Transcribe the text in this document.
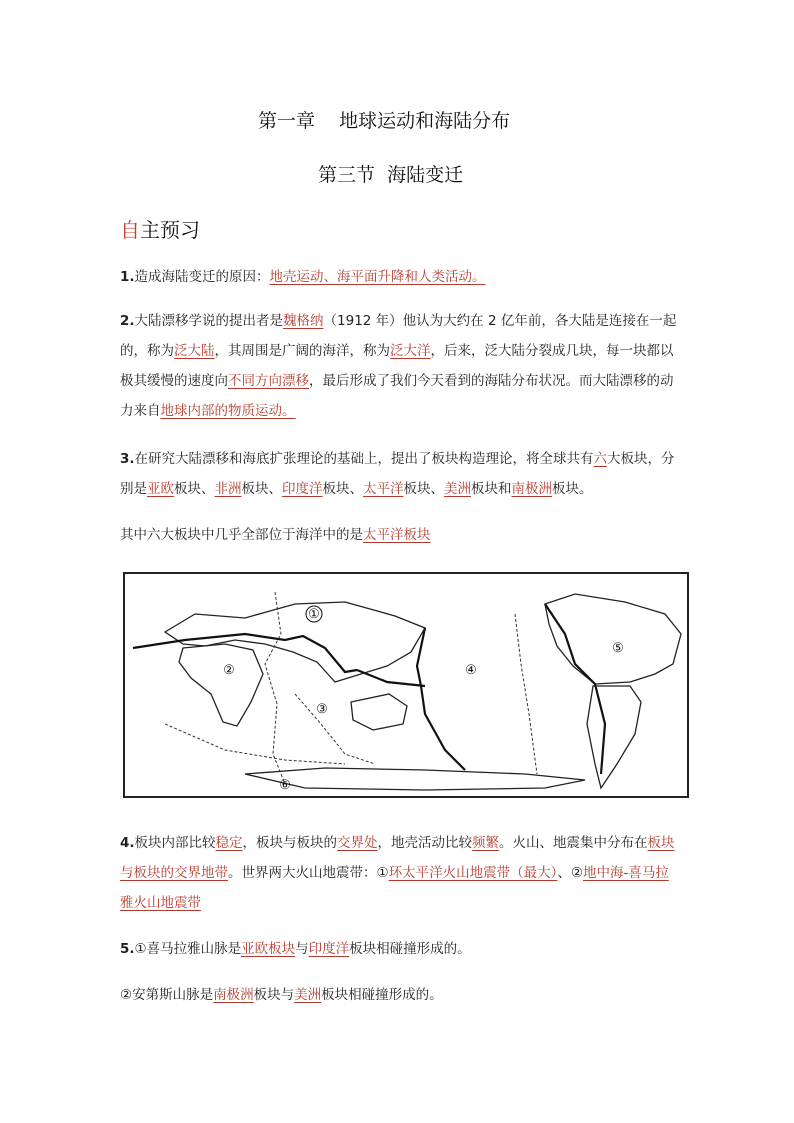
第一章    地球运动和海陆分布
第三节  海陆变迁
自主预习
1.造成海陆变迁的原因：地壳运动、海平面升降和人类活动。
2.大陆漂移学说的提出者是魏格纳（1912 年）他认为大约在 2 亿年前，各大陆是连接在一起的，称为泛大陆，其周围是广阔的海洋，称为泛大洋，后来，泛大陆分裂成几块，每一块都以极其缓慢的速度向不同方向漂移，最后形成了我们今天看到的海陆分布状况。而大陆漂移的动力来自地球内部的物质运动。
3.在研究大陆漂移和海底扩张理论的基础上，提出了板块构造理论，将全球共有六大板块，分别是亚欧板块、非洲板块、印度洋板块、太平洋板块、美洲板块和南极洲板块。
其中六大板块中几乎全部位于海洋中的是太平洋板块
①
②
③
④
⑤
⑥
4.板块内部比较稳定，板块与板块的交界处，地壳活动比较频繁。火山、地震集中分布在板块与板块的交界地带。世界两大火山地震带：①环太平洋火山地震带（最大）、②地中海-喜马拉雅火山地震带
5.①喜马拉雅山脉是亚欧板块与印度洋板块相碰撞形成的。
②安第斯山脉是南极洲板块与美洲板块相碰撞形成的。
